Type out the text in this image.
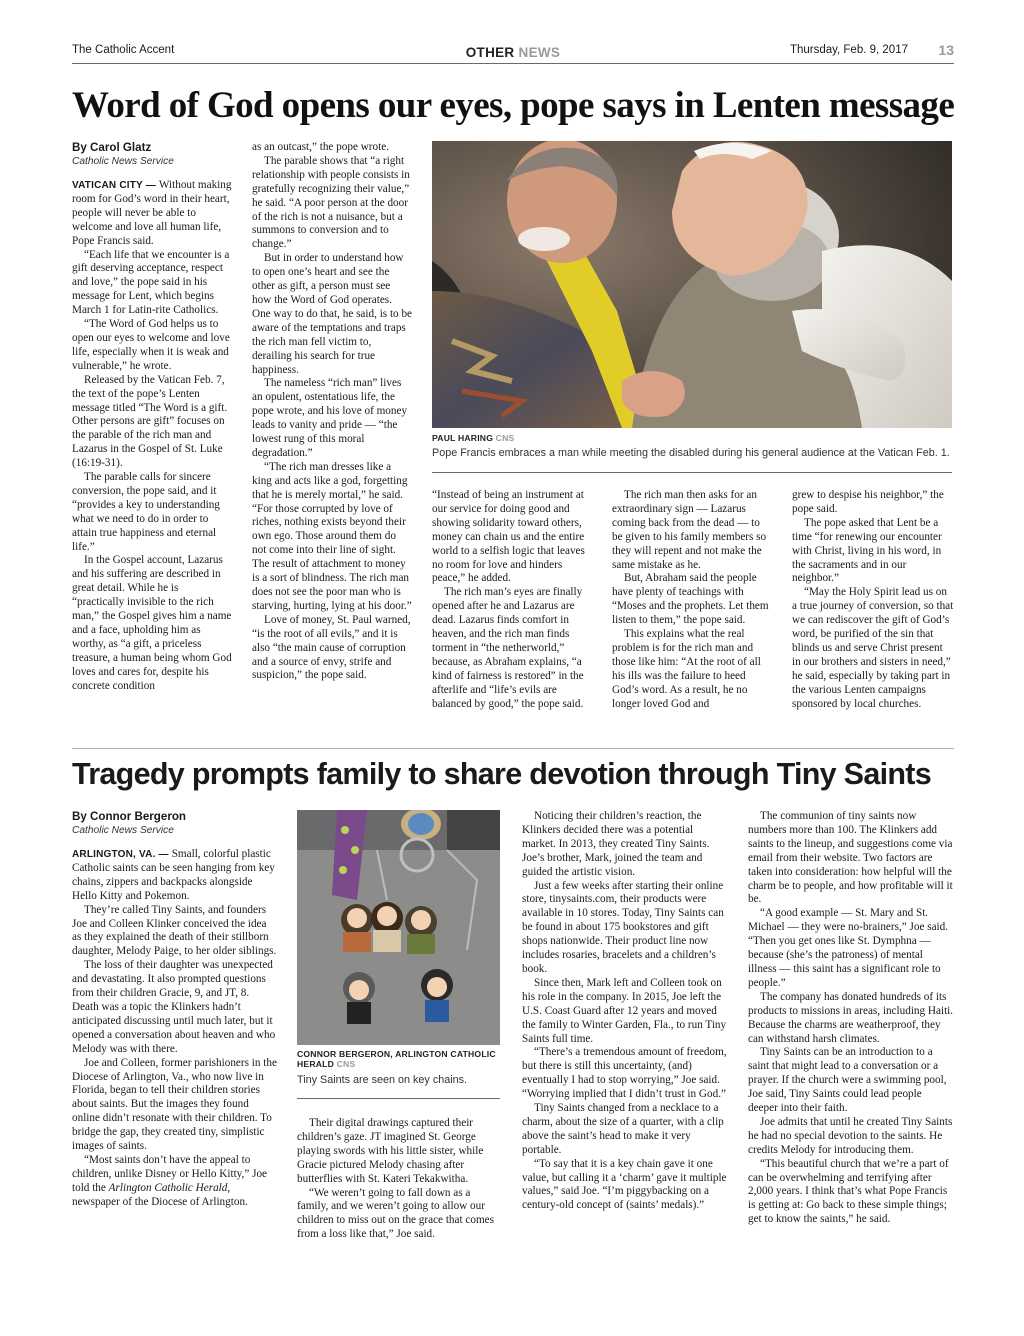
The Catholic Accent	OTHER NEWS	Thursday, Feb. 9, 2017 13
Word of God opens our eyes, pope says in Lenten message
By Carol Glatz
Catholic News Service

VATICAN CITY — Without making room for God’s word in their heart, people will never be able to welcome and love all human life, Pope Francis said.

“Each life that we encounter is a gift deserving acceptance, respect and love,” the pope said in his message for Lent, which begins March 1 for Latin-rite Catholics.

“The Word of God helps us to open our eyes to welcome and love life, especially when it is weak and vulnerable,” he wrote.

Released by the Vatican Feb. 7, the text of the pope’s Lenten message titled “The Word is a gift. Other persons are gift” focuses on the parable of the rich man and Lazarus in the Gospel of St. Luke (16:19-31).

The parable calls for sincere conversion, the pope said, and it “provides a key to understanding what we need to do in order to attain true happiness and eternal life.”

In the Gospel account, Lazarus and his suffering are described in great detail. While he is “practically invisible to the rich man,” the Gospel gives him a name and a face, upholding him as worthy, as “a gift, a priceless treasure, a human being whom God loves and cares for, despite his concrete condition

as an outcast,” the pope wrote.

The parable shows that “a right relationship with people consists in gratefully recognizing their value,” he said. “A poor person at the door of the rich is not a nuisance, but a summons to conversion and to change.”

But in order to understand how to open one’s heart and see the other as gift, a person must see how the Word of God operates. One way to do that, he said, is to be aware of the temptations and traps the rich man fell victim to, derailing his search for true happiness.

The nameless “rich man” lives an opulent, ostentatious life, the pope wrote, and his love of money leads to vanity and pride — “the lowest rung of this moral degradation.”

“The rich man dresses like a king and acts like a god, forgetting that he is merely mortal,” he said. “For those corrupted by love of riches, nothing exists beyond their own ego. Those around them do not come into their line of sight. The result of attachment to money is a sort of blindness. The rich man does not see the poor man who is starving, hurting, lying at his door.”

Love of money, St. Paul warned, “is the root of all evils,” and it is also “the main cause of corruption and a source of envy, strife and suspicion,” the pope said.

PAUL HARING CNS
Pope Francis embraces a man while meeting the disabled during his general audience at the Vatican Feb. 1.

“Instead of being an instrument at our service for doing good and showing solidarity toward others, money can chain us and the entire world to a selfish logic that leaves no room for love and hinders peace,” he added.

The rich man’s eyes are finally opened after he and Lazarus are dead. Lazarus finds comfort in heaven, and the rich man finds torment in “the netherworld,” because, as Abraham explains, “a kind of fairness is restored” in the afterlife and “life’s evils are balanced by good,” the pope said.

The rich man then asks for an extraordinary sign — Lazarus coming back from the dead — to be given to his family members so they will repent and not make the same mistake as he.

But, Abraham said the people have plenty of teachings with “Moses and the prophets. Let them listen to them,” the pope said.

This explains what the real problem is for the rich man and those like him: “At the root of all his ills was the failure to heed God’s word. As a result, he no longer loved God and

grew to despise his neighbor,” the pope said.

The pope asked that Lent be a time “for renewing our encounter with Christ, living in his word, in the sacraments and in our neighbor.”

“May the Holy Spirit lead us on a true journey of conversion, so that we can rediscover the gift of God’s word, be purified of the sin that blinds us and serve Christ present in our brothers and sisters in need,” he said, especially by taking part in the various Lenten campaigns sponsored by local churches.

Tragedy prompts family to share devotion through Tiny Saints
By Connor Bergeron
Catholic News Service

ARLINGTON, VA. — Small, colorful plastic Catholic saints can be seen hanging from key chains, zippers and backpacks alongside Hello Kitty and Pokemon.

They’re called Tiny Saints, and founders Joe and Colleen Klinker conceived the idea as they explained the death of their stillborn daughter, Melody Paige, to her older siblings.

The loss of their daughter was unexpected and devastating. It also prompted questions from their children Gracie, 9, and JT, 8. Death was a topic the Klinkers hadn’t anticipated discussing until much later, but it opened a conversation about heaven and who Melody was with there.

Joe and Colleen, former parishioners in the Diocese of Arlington, Va., who now live in Florida, began to tell their children stories about saints. But the images they found online didn’t resonate with their children. To bridge the gap, they created tiny, simplistic images of saints.

“Most saints don’t have the appeal to children, unlike Disney or Hello Kitty,” Joe told the Arlington Catholic Herald, newspaper of the Diocese of Arlington.

CONNOR BERGERON, ARLINGTON CATHOLIC HERALD CNS
Tiny Saints are seen on key chains.

Their digital drawings captured their children’s gaze. JT imagined St. George playing swords with his little sister, while Gracie pictured Melody chasing after butterflies with St. Kateri Tekakwitha.

“We weren’t going to fall down as a family, and we weren’t going to allow our children to miss out on the grace that comes from a loss like that,” Joe said.

Noticing their children’s reaction, the Klinkers decided there was a potential market. In 2013, they created Tiny Saints. Joe’s brother, Mark, joined the team and guided the artistic vision.

Just a few weeks after starting their online store, tinysaints.com, their products were available in 10 stores. Today, Tiny Saints can be found in about 175 bookstores and gift shops nationwide. Their product line now includes rosaries, bracelets and a children’s book.

Since then, Mark left and Colleen took on his role in the company. In 2015, Joe left the U.S. Coast Guard after 12 years and moved the family to Winter Garden, Fla., to run Tiny Saints full time.

“There’s a tremendous amount of freedom, but there is still this uncertainty, (and) eventually I had to stop worrying,” Joe said. “Worrying implied that I didn’t trust in God.”

Tiny Saints changed from a necklace to a charm, about the size of a quarter, with a clip above the saint’s head to make it very portable.

“To say that it is a key chain gave it one value, but calling it a ‘charm’ gave it multiple values,” said Joe. “I’m piggybacking on a century-old concept of (saints’ medals).”

The communion of tiny saints now numbers more than 100. The Klinkers add saints to the lineup, and suggestions come via email from their website. Two factors are taken into consideration: how helpful will the charm be to people, and how profitable will it be.

“A good example — St. Mary and St. Michael — they were no-brainers,” Joe said. “Then you get ones like St. Dymphna — because (she’s the patroness) of mental illness — this saint has a significant role to people.”

The company has donated hundreds of its products to missions in areas, including Haiti. Because the charms are weatherproof, they can withstand harsh climates.

Tiny Saints can be an introduction to a saint that might lead to a conversation or a prayer. If the church were a swimming pool, Joe said, Tiny Saints could lead people deeper into their faith.

Joe admits that until he created Tiny Saints he had no special devotion to the saints. He credits Melody for introducing them.

“This beautiful church that we’re a part of can be overwhelming and terrifying after 2,000 years. I think that’s what Pope Francis is getting at: Go back to these simple things; get to know the saints,” he said.
